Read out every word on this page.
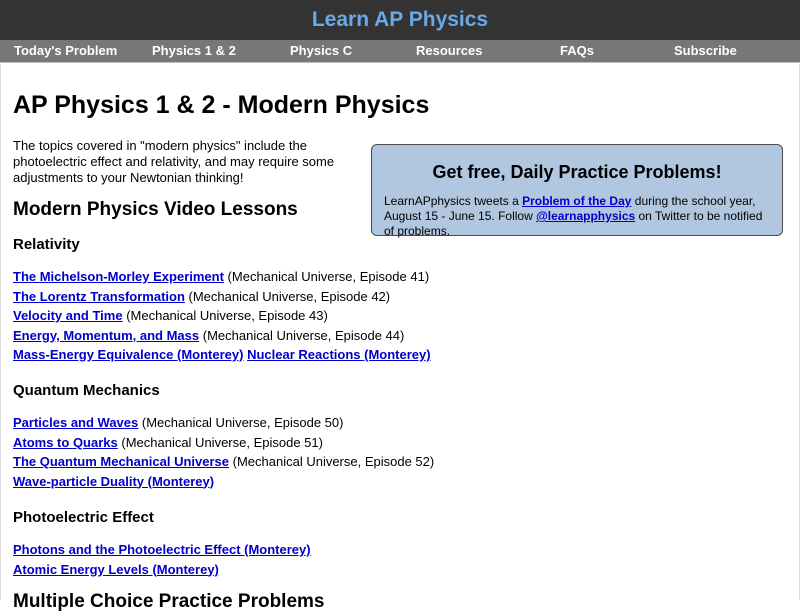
Learn AP Physics
Today's Problem	Physics 1 & 2	Physics C	Resources	FAQs	Subscribe
AP Physics 1 & 2 - Modern Physics

The topics covered in "modern physics" include the photoelectric effect and relativity, and may require some adjustments to your Newtonian thinking!	Get free, Daily Practice Problems!

LearnAPphysics tweets a Problem of the Day during the school year, August 15 - June 15. Follow @learnapphysics on Twitter to be notified of problems.

Modern Physics Video Lessons

Relativity

The Michelson-Morley Experiment (Mechanical Universe, Episode 41)
The Lorentz Transformation (Mechanical Universe, Episode 42)
Velocity and Time (Mechanical Universe, Episode 43)
Energy, Momentum, and Mass (Mechanical Universe, Episode 44)
Mass-Energy Equivalence (Monterey) Nuclear Reactions (Monterey)

Quantum Mechanics

Particles and Waves (Mechanical Universe, Episode 50)
Atoms to Quarks (Mechanical Universe, Episode 51)
The Quantum Mechanical Universe (Mechanical Universe, Episode 52)
Wave-particle Duality (Monterey)

Photoelectric Effect

Photons and the Photoelectric Effect (Monterey)
Atomic Energy Levels (Monterey)
Multiple Choice Practice Problems
